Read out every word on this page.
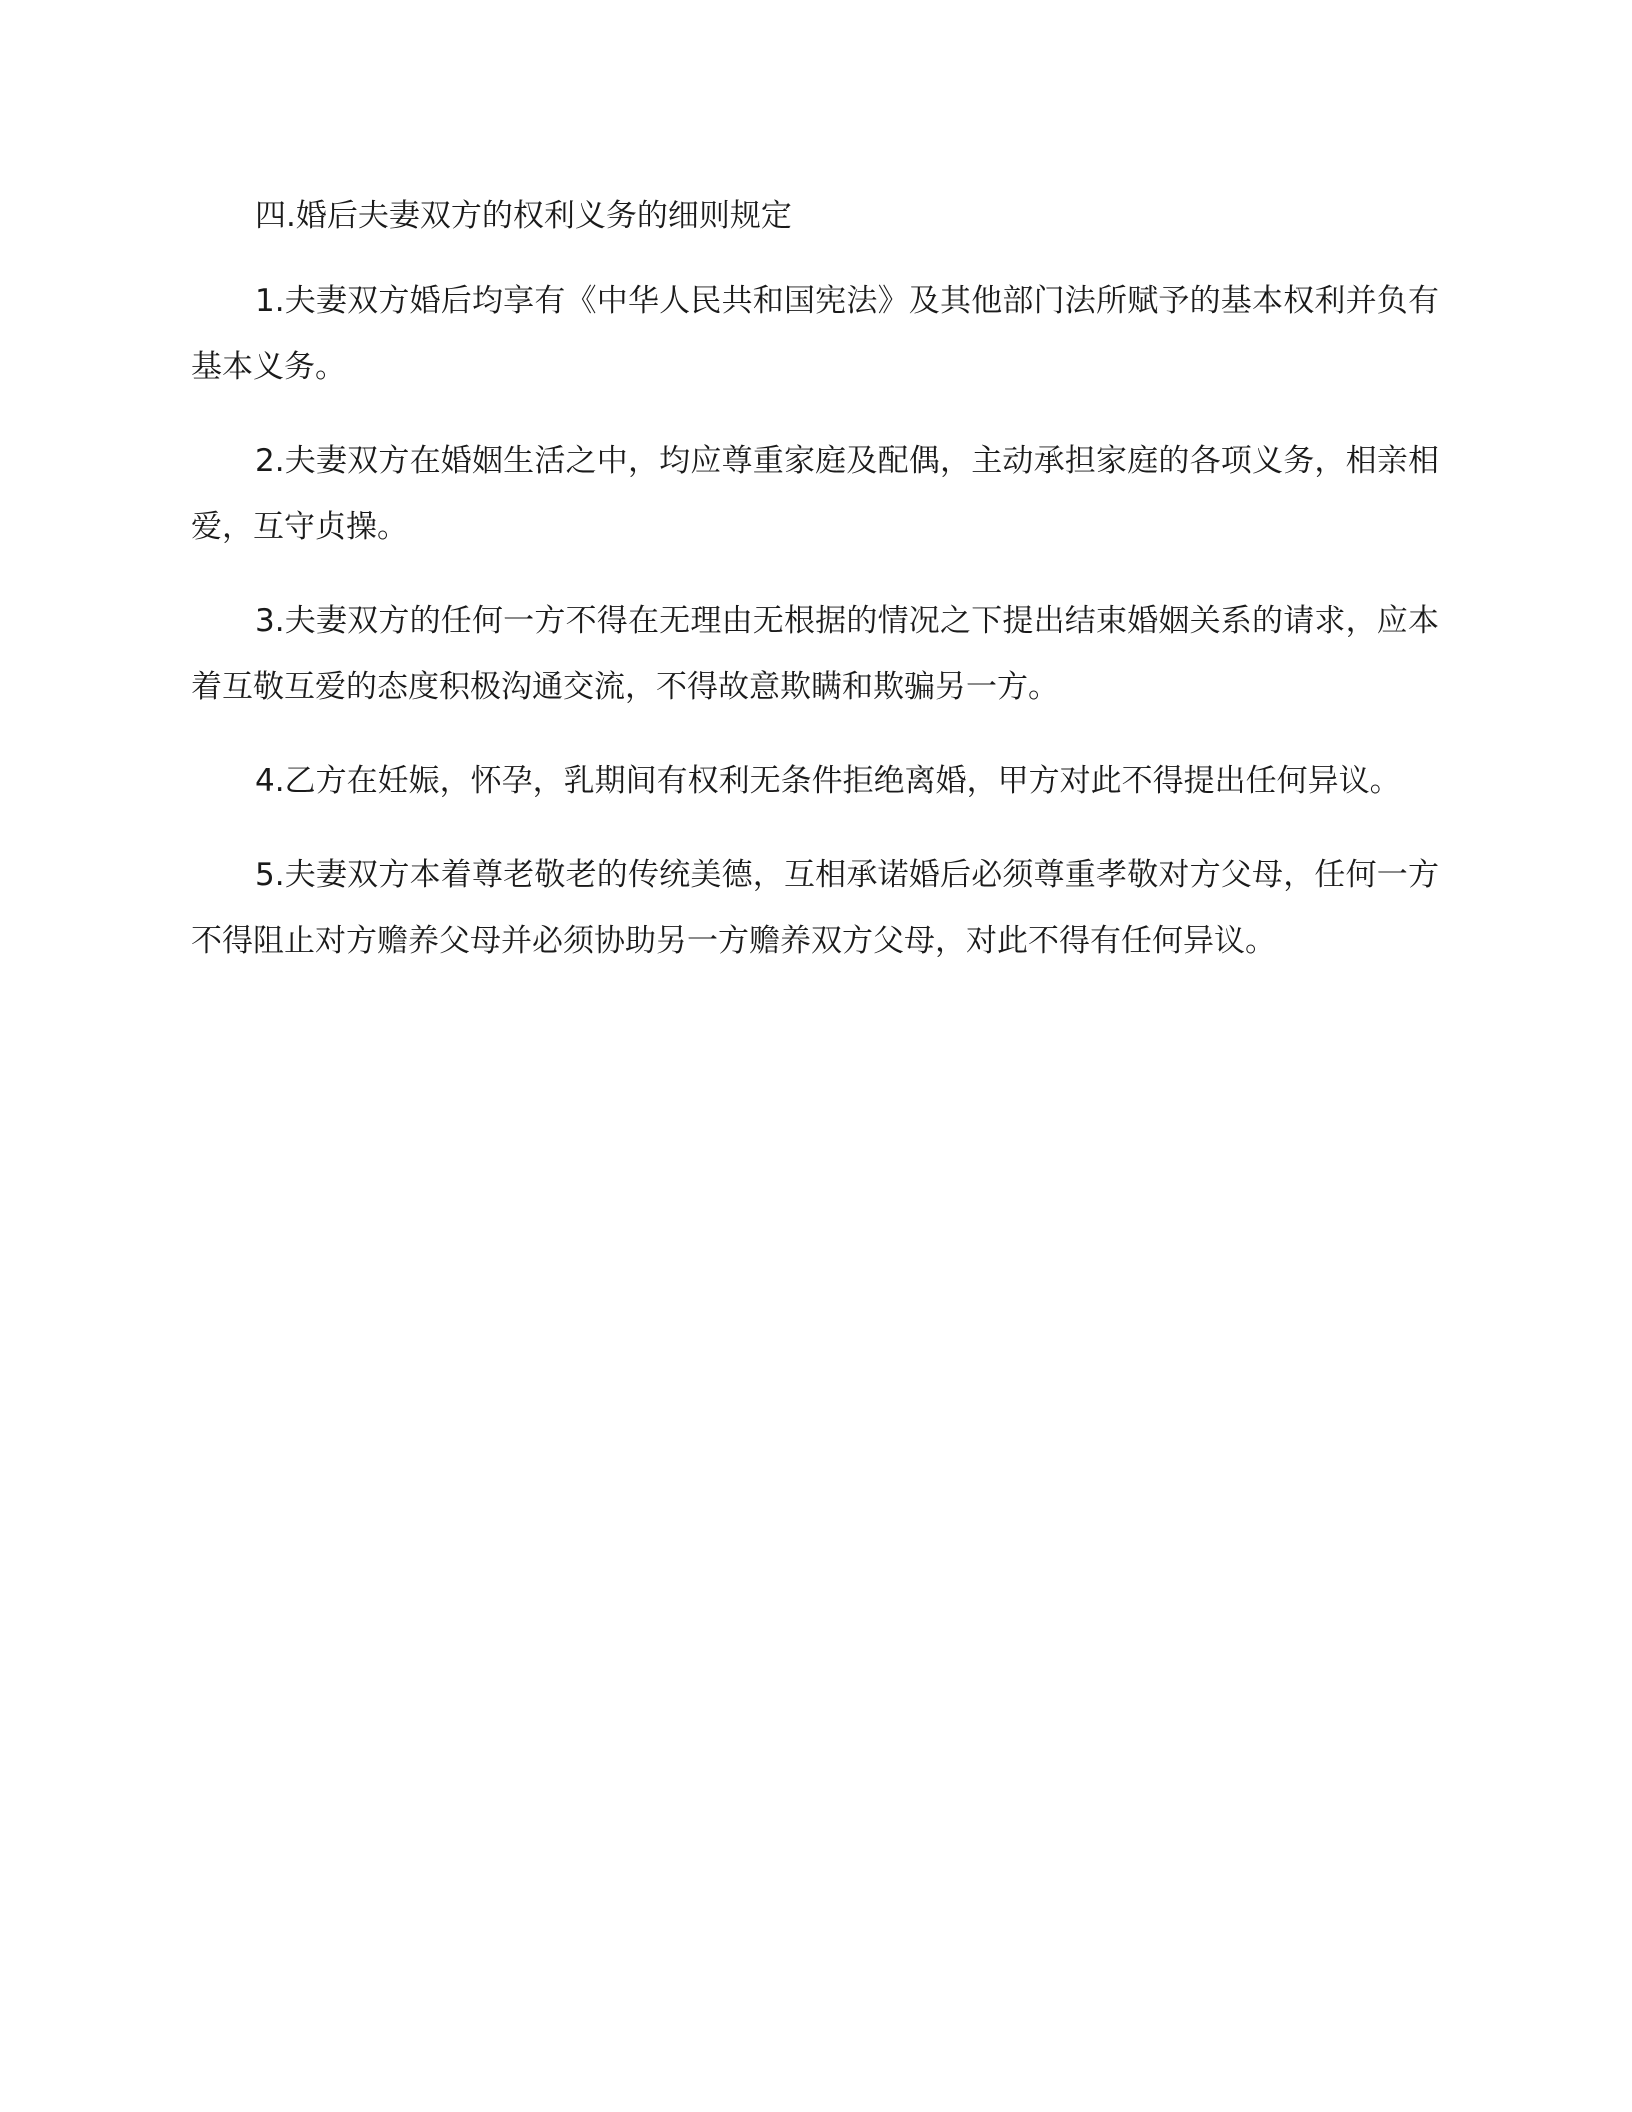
四.婚后夫妻双方的权利义务的细则规定

1.夫妻双方婚后均享有《中华人民共和国宪法》及其他部门法所赋予的基本权利并负有基本义务。

2.夫妻双方在婚姻生活之中，均应尊重家庭及配偶，主动承担家庭的各项义务，相亲相爱，互守贞操。

3.夫妻双方的任何一方不得在无理由无根据的情况之下提出结束婚姻关系的请求，应本着互敬互爱的态度积极沟通交流，不得故意欺瞒和欺骗另一方。

4.乙方在妊娠，怀孕，乳期间有权利无条件拒绝离婚，甲方对此不得提出任何异议。

5.夫妻双方本着尊老敬老的传统美德，互相承诺婚后必须尊重孝敬对方父母，任何一方不得阻止对方赡养父母并必须协助另一方赡养双方父母，对此不得有任何异议。
